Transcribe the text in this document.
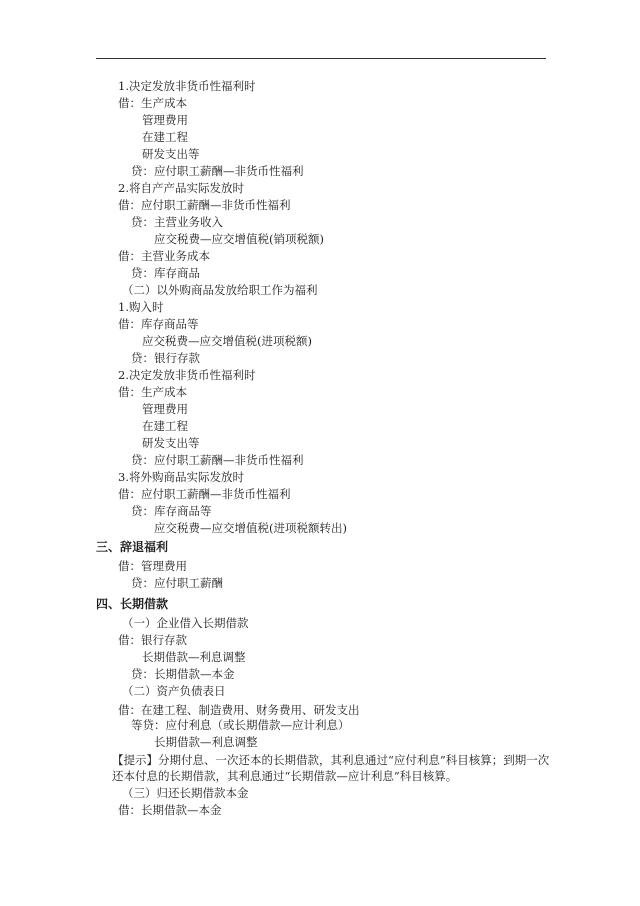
1.决定发放非货币性福利时
借：生产成本
管理费用
在建工程
研发支出等
贷：应付职工薪酬—非货币性福利
2.将自产产品实际发放时
借：应付职工薪酬—非货币性福利
贷：主营业务收入
应交税费—应交增值税(销项税额)
借：主营业务成本
贷：库存商品
（二）以外购商品发放给职工作为福利
1.购入时
借：库存商品等
应交税费—应交增值税(进项税额)
贷：银行存款
2.决定发放非货币性福利时
借：生产成本
管理费用
在建工程
研发支出等
贷：应付职工薪酬—非货币性福利
3.将外购商品实际发放时
借：应付职工薪酬—非货币性福利
贷：库存商品等
应交税费—应交增值税(进项税额转出)
三、辞退福利
借：管理费用
贷：应付职工薪酬
四、长期借款
（一）企业借入长期借款
借：银行存款
长期借款—利息调整
贷：长期借款—本金
（二）资产负债表日
借：在建工程、制造费用、财务费用、研发支出
等贷：应付利息（或长期借款—应计利息）
长期借款—利息调整
【提示】分期付息、一次还本的长期借款，其利息通过“应付利息”科目核算；到期一次还本付息的长期借款，其利息通过“长期借款—应计利息”科目核算。
（三）归还长期借款本金
借：长期借款—本金
